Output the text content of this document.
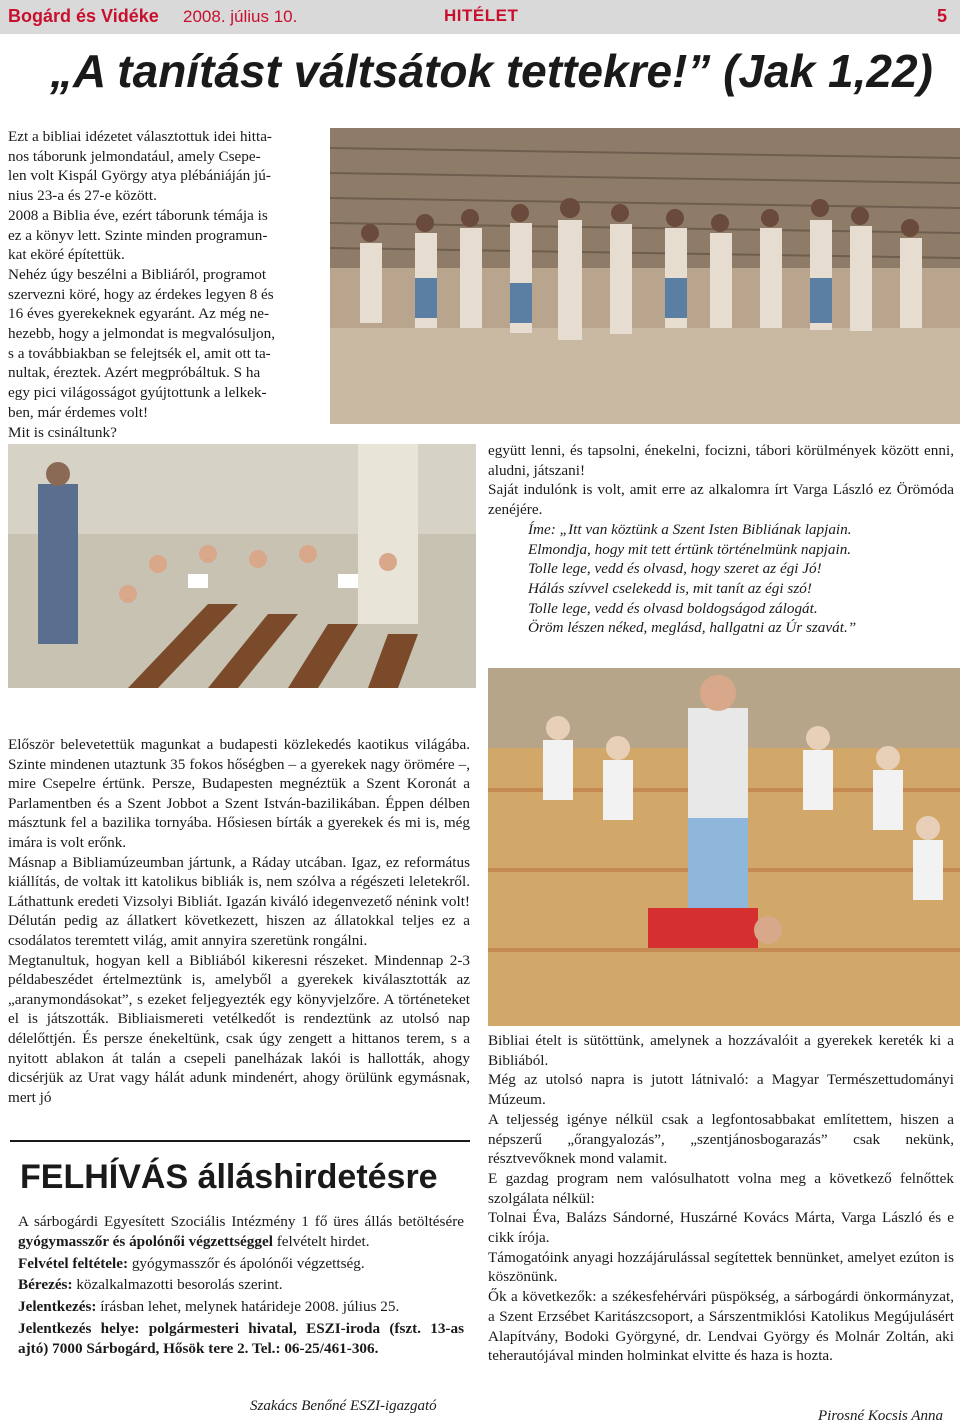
Bogárd és Vidéke 2008. július 10.	HITÉLET	5
„A tanítást váltsátok tettekre!” (Jak 1,22)

Ezt a bibliai idézetet választottuk idei hitta-

nos táborunk jelmondatául, amely Csepe-

len volt Kispál György atya plébániáján jú-

nius 23-a és 27-e között.

2008 a Biblia éve, ezért táborunk témája is

ez a könyv lett. Szinte minden programun-

kat eköré építettük.

Nehéz úgy beszélni a Bibliáról, programot

szervezni köré, hogy az érdekes legyen 8 és

16 éves gyerekeknek egyaránt. Az még ne-

hezebb, hogy a jelmondat is megvalósuljon,

s a továbbiakban se felejtsék el, amit ott ta-

nultak, éreztek. Azért megpróbáltuk. S ha

egy pici világosságot gyújtottunk a lelkek-

ben, már érdemes volt!

Mit is csináltunk?

együtt lenni, és tapsolni, énekelni, focizni, tábori körülmények között enni, aludni, játszani!

Saját indulónk is volt, amit erre az alkalomra írt Varga László ez Örömóda zenéjére.

Íme: „Itt van köztünk a Szent Isten Bibliának lapjain.

Elmondja, hogy mit tett értünk történelmünk napjain.

Tolle lege, vedd és olvasd, hogy szeret az égi Jó!

Hálás szívvel cselekedd is, mit tanít az égi szó!

Tolle lege, vedd és olvasd boldogságod zálogát.

Öröm lészen néked, meglásd, hallgatni az Úr szavát.”

Először belevetettük magunkat a budapesti közlekedés kaotikus világába. Szinte mindenen utaztunk 35 fokos hőségben – a gyerekek nagy örömére –, mire Csepelre értünk. Persze, Budapesten megnéztük a Szent Koronát a Parlamentben és a Szent Jobbot a Szent István-bazilikában. Éppen délben másztunk fel a bazilika tornyába. Hősiesen bírták a gyerekek és mi is, még imára is volt erőnk.

Másnap a Bibliamúzeumban jártunk, a Ráday utcában. Igaz, ez református kiállítás, de voltak itt katolikus bibliák is, nem szólva a régészeti leletekről. Láthattunk eredeti Vizsolyi Bibliát. Igazán kiváló idegenvezető nénink volt! Délután pedig az állatkert következett, hiszen az állatokkal teljes ez a csodálatos teremtett világ, amit annyira szeretünk rongálni.

Megtanultuk, hogyan kell a Bibliából kikeresni részeket. Mindennap 2-3 példabeszédet értelmeztünk is, amelyből a gyerekek kiválasztották az „aranymondásokat”, s ezeket feljegyezték egy könyvjelzőre. A történeteket el is játszották. Bibliaismereti vetélkedőt is rendeztünk az utolsó nap délelőttjén. És persze énekeltünk, csak úgy zengett a hittanos terem, s a nyitott ablakon át talán a csepeli panelházak lakói is hallották, ahogy dicsérjük az Urat vagy hálát adunk mindenért, ahogy örülünk egymásnak, mert jó

Bibliai ételt is sütöttünk, amelynek a hozzávalóit a gyerekek kereték ki a Bibliából.

Még az utolsó napra is jutott látnivaló: a Magyar Természettudományi Múzeum.

A teljesség igénye nélkül csak a legfontosabbakat említettem, hiszen a népszerű „őrangyalozás”, „szentjánosbogarazás” csak nekünk, résztvevőknek mond valamit.

E gazdag program nem valósulhatott volna meg a következő felnőttek szolgálata nélkül:

Tolnai Éva, Balázs Sándorné, Huszárné Kovács Márta, Varga László és e cikk írója.

Támogatóink anyagi hozzájárulással segítettek bennünket, amelyet ezúton is köszönünk.

Ők a következők: a székesfehérvári püspökség, a sárbogárdi önkormányzat, a Szent Erzsébet Karitászcsoport, a Sárszentmiklósi Katolikus Megújulásért Alapítvány, Bodoki Györgyné, dr. Lendvai György és Molnár Zoltán, aki teherautójával minden holminkat elvitte és haza is hozta.

Pirosné Kocsis Anna
FELHÍVÁS álláshirdetésre

A sárbogárdi Egyesített Szociális Intézmény 1 fő üres állás betöltésére gyógymasszőr és ápolónői végzettséggel felvételt hirdet.

Felvétel feltétele: gyógymasszőr és ápolónői végzettség.

Bérezés: közalkalmazotti besorolás szerint.

Jelentkezés: írásban lehet, melynek határideje 2008. július 25.

Jelentkezés helye: polgármesteri hivatal, ESZI-iroda (fszt. 13-as ajtó) 7000 Sárbogárd, Hősök tere 2. Tel.: 06-25/461-306.

Szakács Benőné ESZI-igazgató
